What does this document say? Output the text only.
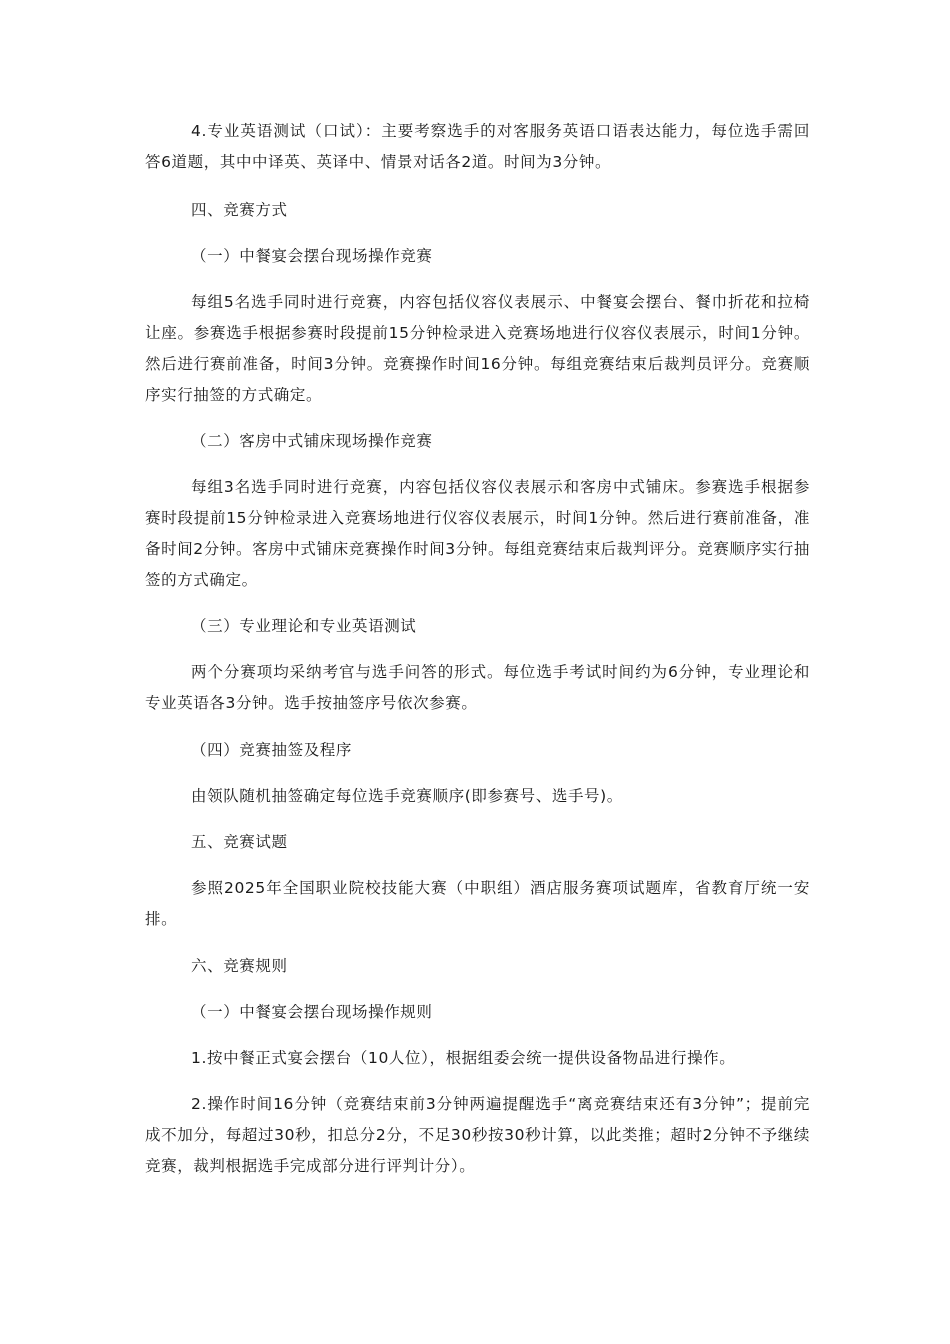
4.专业英语测试（口试）：主要考察选手的对客服务英语口语表达能力，每位选手需回答6道题，其中中译英、英译中、情景对话各2道。时间为3分钟。

四、竞赛方式

（一）中餐宴会摆台现场操作竞赛

每组5名选手同时进行竞赛，内容包括仪容仪表展示、中餐宴会摆台、餐巾折花和拉椅让座。参赛选手根据参赛时段提前15分钟检录进入竞赛场地进行仪容仪表展示，时间1分钟。然后进行赛前准备，时间3分钟。竞赛操作时间16分钟。每组竞赛结束后裁判员评分。竞赛顺序实行抽签的方式确定。

（二）客房中式铺床现场操作竞赛

每组3名选手同时进行竞赛，内容包括仪容仪表展示和客房中式铺床。参赛选手根据参赛时段提前15分钟检录进入竞赛场地进行仪容仪表展示，时间1分钟。然后进行赛前准备，准备时间2分钟。客房中式铺床竞赛操作时间3分钟。每组竞赛结束后裁判评分。竞赛顺序实行抽签的方式确定。

（三）专业理论和专业英语测试

两个分赛项均采纳考官与选手问答的形式。每位选手考试时间约为6分钟，专业理论和专业英语各3分钟。选手按抽签序号依次参赛。

（四）竞赛抽签及程序

由领队随机抽签确定每位选手竞赛顺序(即参赛号、选手号)。

五、竞赛试题

参照2025年全国职业院校技能大赛（中职组）酒店服务赛项试题库，省教育厅统一安排。

六、竞赛规则

（一）中餐宴会摆台现场操作规则

1.按中餐正式宴会摆台（10人位），根据组委会统一提供设备物品进行操作。

2.操作时间16分钟（竞赛结束前3分钟两遍提醒选手“离竞赛结束还有3分钟”；提前完成不加分，每超过30秒，扣总分2分，不足30秒按30秒计算，以此类推；超时2分钟不予继续竞赛，裁判根据选手完成部分进行评判计分）。
